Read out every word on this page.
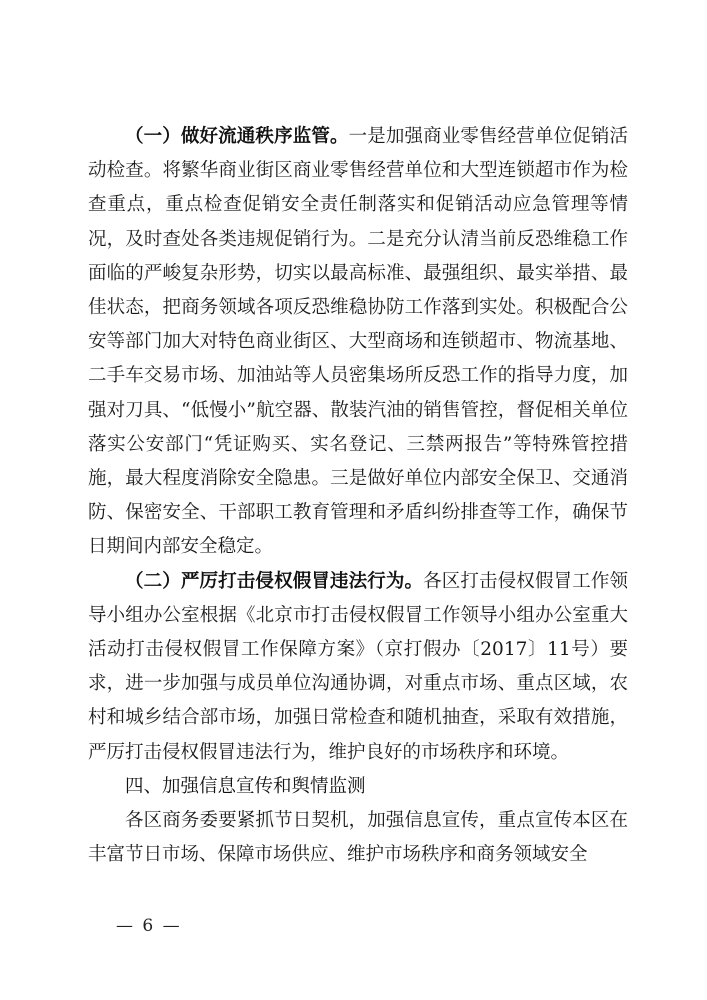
（一）做好流通秩序监管。一是加强商业零售经营单位促销活动检查。将繁华商业街区商业零售经营单位和大型连锁超市作为检查重点，重点检查促销安全责任制落实和促销活动应急管理等情况，及时查处各类违规促销行为。二是充分认清当前反恐维稳工作面临的严峻复杂形势，切实以最高标准、最强组织、最实举措、最佳状态，把商务领域各项反恐维稳协防工作落到实处。积极配合公安等部门加大对特色商业街区、大型商场和连锁超市、物流基地、二手车交易市场、加油站等人员密集场所反恐工作的指导力度，加强对刀具、“低慢小”航空器、散装汽油的销售管控，督促相关单位落实公安部门“凭证购买、实名登记、三禁两报告”等特殊管控措施，最大程度消除安全隐患。三是做好单位内部安全保卫、交通消防、保密安全、干部职工教育管理和矛盾纠纷排查等工作，确保节日期间内部安全稳定。

（二）严厉打击侵权假冒违法行为。各区打击侵权假冒工作领导小组办公室根据《北京市打击侵权假冒工作领导小组办公室重大活动打击侵权假冒工作保障方案》（京打假办〔2017〕11号）要求，进一步加强与成员单位沟通协调，对重点市场、重点区域，农村和城乡结合部市场，加强日常检查和随机抽查，采取有效措施，严厉打击侵权假冒违法行为，维护良好的市场秩序和环境。

四、加强信息宣传和舆情监测

各区商务委要紧抓节日契机，加强信息宣传，重点宣传本区在丰富节日市场、保障市场供应、维护市场秩序和商务领域安全

— 6 —
